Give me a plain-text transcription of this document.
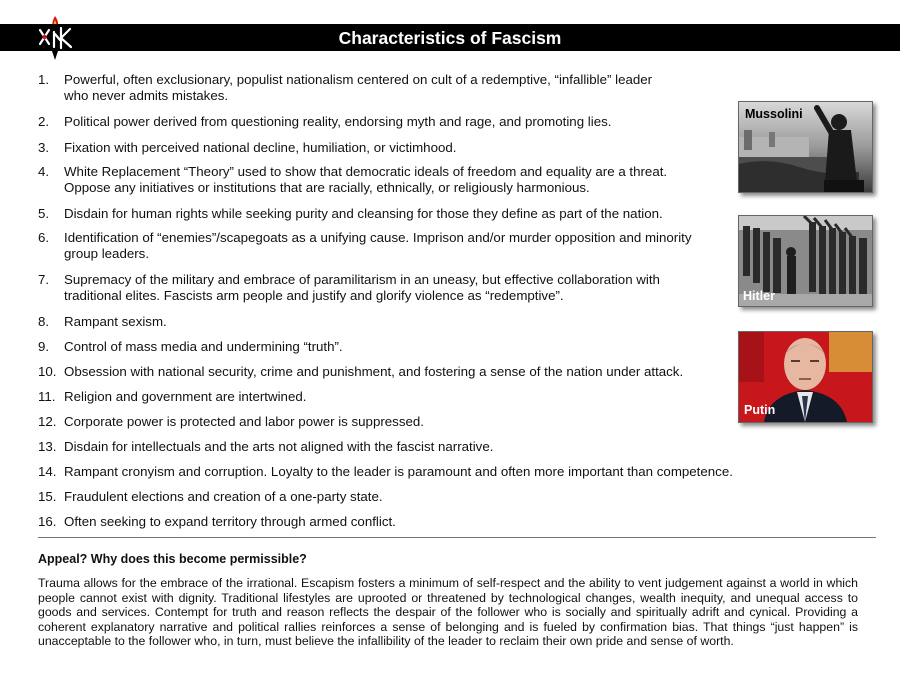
Characteristics of Fascism
1. Powerful, often exclusionary, populist nationalism centered on cult of a redemptive, “infallible” leader who never admits mistakes.
2. Political power derived from questioning reality, endorsing myth and rage, and promoting lies.
3. Fixation with perceived national decline, humiliation, or victimhood.
4. White Replacement “Theory” used to show that democratic ideals of freedom and equality are a threat. Oppose any initiatives or institutions that are racially, ethnically, or religiously harmonious.
5. Disdain for human rights while seeking purity and cleansing for those they define as part of the nation.
6. Identification of “enemies”/scapegoats as a unifying cause. Imprison and/or murder opposition and minority group leaders.
7. Supremacy of the military and embrace of paramilitarism in an uneasy, but effective collaboration with traditional elites. Fascists arm people and justify and glorify violence as “redemptive”.
8. Rampant sexism.
9. Control of mass media and undermining “truth”.
10. Obsession with national security, crime and punishment, and fostering a sense of the nation under attack.
11. Religion and government are intertwined.
12. Corporate power is protected and labor power is suppressed.
13. Disdain for intellectuals and the arts not aligned with the fascist narrative.
14. Rampant cronyism and corruption. Loyalty to the leader is paramount and often more important than competence.
15. Fraudulent elections and creation of a one-party state.
16. Often seeking to expand territory through armed conflict.
Mussolini
Hitler
Putin
Appeal? Why does this become permissible?
Trauma allows for the embrace of the irrational. Escapism fosters a minimum of self-respect and the ability to vent judgement against a world in which people cannot exist with dignity. Traditional lifestyles are uprooted or threatened by technological changes, wealth inequity, and unequal access to goods and services. Contempt for truth and reason reflects the despair of the follower who is socially and spiritually adrift and cynical. Providing a coherent explanatory narrative and political rallies reinforces a sense of belonging and is fueled by confirmation bias. That things “just happen” is unacceptable to the follower who, in turn, must believe the infallibility of the leader to reclaim their own pride and sense of worth.
